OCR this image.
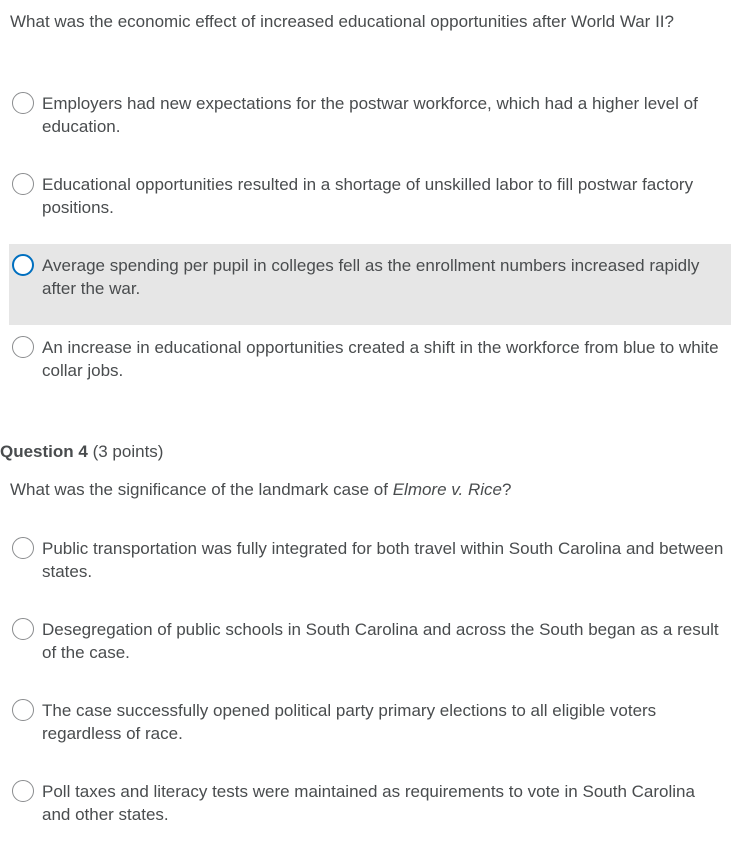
What was the economic effect of increased educational opportunities after World War II?
Employers had new expectations for the postwar workforce, which had a higher level of education.
Educational opportunities resulted in a shortage of unskilled labor to fill postwar factory positions.
Average spending per pupil in colleges fell as the enrollment numbers increased rapidly after the war.
An increase in educational opportunities created a shift in the workforce from blue to white collar jobs.
Question 4 (3 points)
What was the significance of the landmark case of Elmore v. Rice?
Public transportation was fully integrated for both travel within South Carolina and between states.
Desegregation of public schools in South Carolina and across the South began as a result of the case.
The case successfully opened political party primary elections to all eligible voters regardless of race.
Poll taxes and literacy tests were maintained as requirements to vote in South Carolina and other states.
